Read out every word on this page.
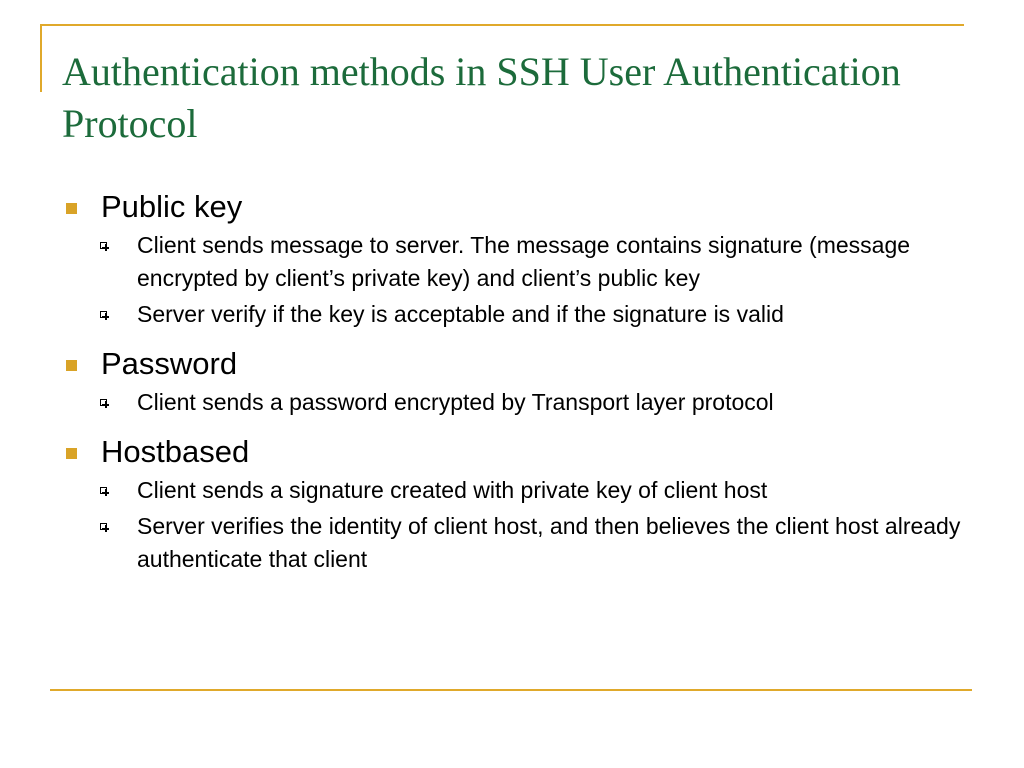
Authentication methods in SSH User Authentication Protocol
Public key
Client sends message to server. The message contains signature (message encrypted by client’s private key) and client’s public key
Server verify if the key is acceptable and if the signature is valid
Password
Client sends a password encrypted by Transport layer protocol
Hostbased
Client sends a signature created with private key of client host
Server verifies the identity of client host, and then believes the client host already authenticate that client
